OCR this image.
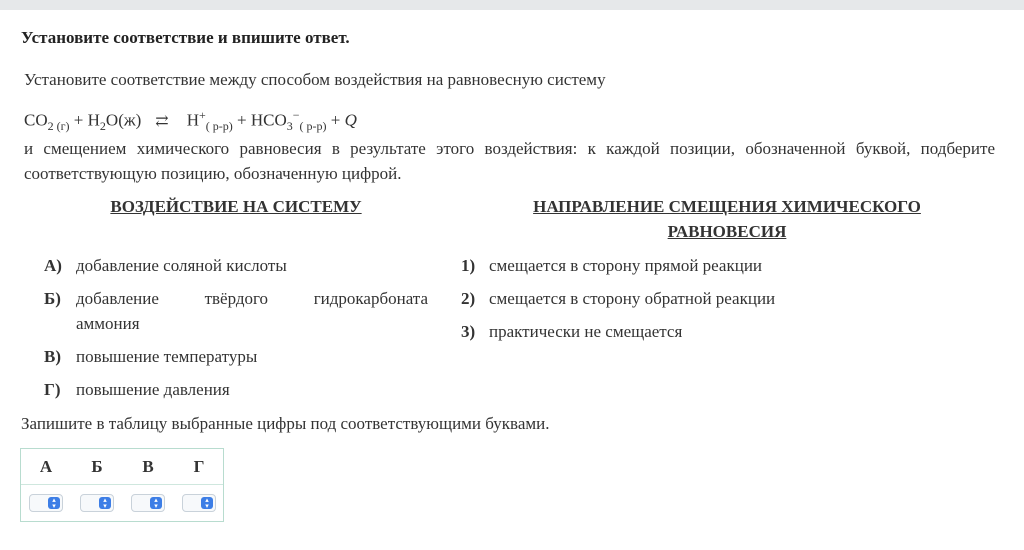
Установите соответствие и впишите ответ.
Установите соответствие между способом воздействия на равновесную систему
$CO_2$ $_{(г)} + H_2O(ж)$ ⇄ $H^+_{( р-р)} + HCO_3^-_{( р-р)} + Q$
и смещением химического равновесия в результате этого воздействия: к каждой позиции, обозначенной буквой, подберите соответствующую позицию, обозначенную цифрой.
ВОЗДЕЙСТВИЕ НА СИСТЕМУ	НАПРАВЛЕНИЕ СМЕЩЕНИЯ ХИМИЧЕСКОГО
РАВНОВЕСИЯ
А) добавление соляной кислоты
Б) добавление твёрдого гидрокарбоната
аммония
В) повышение температуры
Г) повышение давления
1) смещается в сторону прямой реакции
2) смещается в сторону обратной реакции
3) практически не смещается
Запишите в таблицу выбранные цифры под соответствующими буквами.
А	Б	В	Г
▴
▾
▴
▾
▴
▾
▴
▾
